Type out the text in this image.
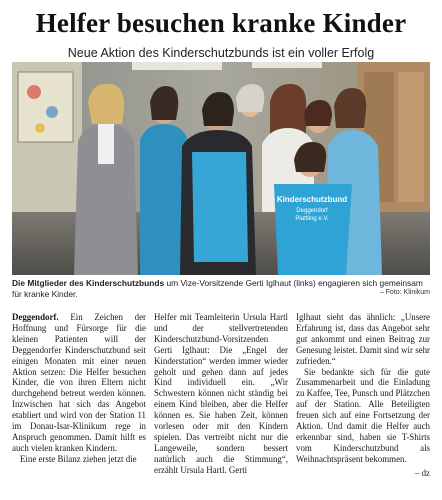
Helfer besuchen kranke Kinder
Neue Aktion des Kinderschutzbunds ist ein voller Erfolg
Kinderschutzbund
Deggendorf
Plattling e.V.
Die Mitglieder des Kinderschutzbunds um Vize-Vorsitzende Gerti Iglhaut (links) engagieren sich gemeinsam für kranke Kinder.	– Foto: Klinikum

Deggendorf. Ein Zeichen der Hoffnung und Fürsorge für die kleinen Patienten will der Deggendorfer Kinderschutzbund seit einigen Monaten mit einer neuen Aktion setzen: Die Helfer besuchen Kinder, die von ihren Eltern nicht durchgehend betreut werden können. Inzwischen hat sich das Angebot etabliert und wird von der Station 11 im Donau-Isar-Klinikum rege in Anspruch genommen. Damit hilft es auch vielen kranken Kindern.

Eine erste Bilanz ziehen jetzt die

Helfer mit Teamleiterin Ursula Hartl und der stellvertretenden Kinderschutzbund-Vorsitzenden Gerti Iglhaut: Die „Engel der Kinderstation“ werden immer wieder geholt und gehen dann auf jedes Kind individuell ein. „Wir Schwestern können nicht ständig bei einem Kind bleiben, aber die Helfer können es. Sie haben Zeit, können vorlesen oder mit den Kindern spielen. Das vertreibt nicht nur die Langeweile, sondern bessert natürlich auch die Stimmung“, erzählt Ursula Hartl. Gerti

Iglhaut sieht das ähnlich: „Unsere Erfahrung ist, dass das Angebot sehr gut ankommt und einen Beitrag zur Genesung leistet. Damit sind wir sehr zufrieden.“

Sie bedankte sich für die gute Zusammenarbeit und die Einladung zu Kaffee, Tee, Punsch und Plätzchen auf der Station. Alle Beteiligten freuen sich auf eine Fortsetzung der Aktion. Und damit die Helfer auch erkennbar sind, haben sie T-Shirts vom Kinderschutzbund als Weihnachtspräsent bekommen.

– dz
